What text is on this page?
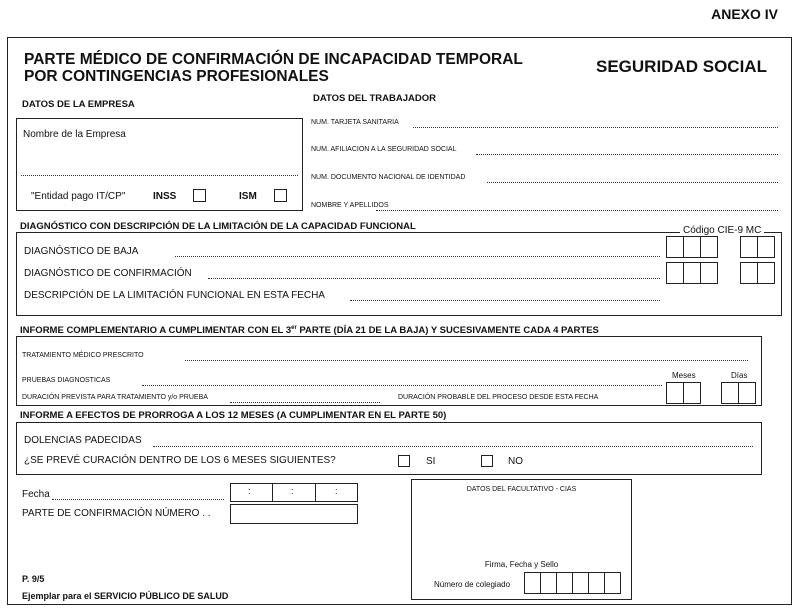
ANEXO IV
PARTE MÉDICO DE CONFIRMACIÓN DE INCAPACIDAD TEMPORAL
POR CONTINGENCIAS PROFESIONALES
SEGURIDAD SOCIAL
DATOS DE LA EMPRESA
Nombre de la Empresa
"Entidad pago IT/CP"	INSS	ISM
DATOS DEL TRABAJADOR
NUM. TARJETA SANITARIA
NUM. AFILIACION A LA SEGURIDAD SOCIAL
NUM. DOCUMENTO NACIONAL DE IDENTIDAD
NOMBRE Y APELLIDOS
DIAGNÓSTICO CON DESCRIPCIÓN DE LA LIMITACIÓN DE LA CAPACIDAD FUNCIONAL	Código CIE-9 MC
DIAGNÓSTICO DE BAJA
DIAGNÓSTICO DE CONFIRMACIÓN
DESCRIPCIÓN DE LA LIMITACIÓN FUNCIONAL EN ESTA FECHA
INFORME COMPLEMENTARIO A CUMPLIMENTAR CON EL 3er PARTE (DÍA 21 DE LA BAJA) Y SUCESIVAMENTE CADA 4 PARTES
TRATAMIENTO MÉDICO PRESCRITO
PRUEBAS DIAGNOSTICAS
DURACIÓN PREVISTA PARA TRATAMIENTO y/o PRUEBA	DURACIÓN PROBABLE DEL PROCESO DESDE ESTA FECHA
Meses	Días
INFORME A EFECTOS DE PRORROGA A LOS 12 MESES (A CUMPLIMENTAR EN EL PARTE 50)
DOLENCIAS PADECIDAS
¿SE PREVÉ CURACIÓN DENTRO DE LOS 6 MESES SIGUIENTES?	SI	NO
Fecha	:	:	:
PARTE DE CONFIRMACIÓN NÚMERO . .
DATOS DEL FACULTATIVO - CIAS
Firma, Fecha y Sello
Número de colegiado
P. 9/5
Ejemplar para el SERVICIO PÚBLICO DE SALUD
